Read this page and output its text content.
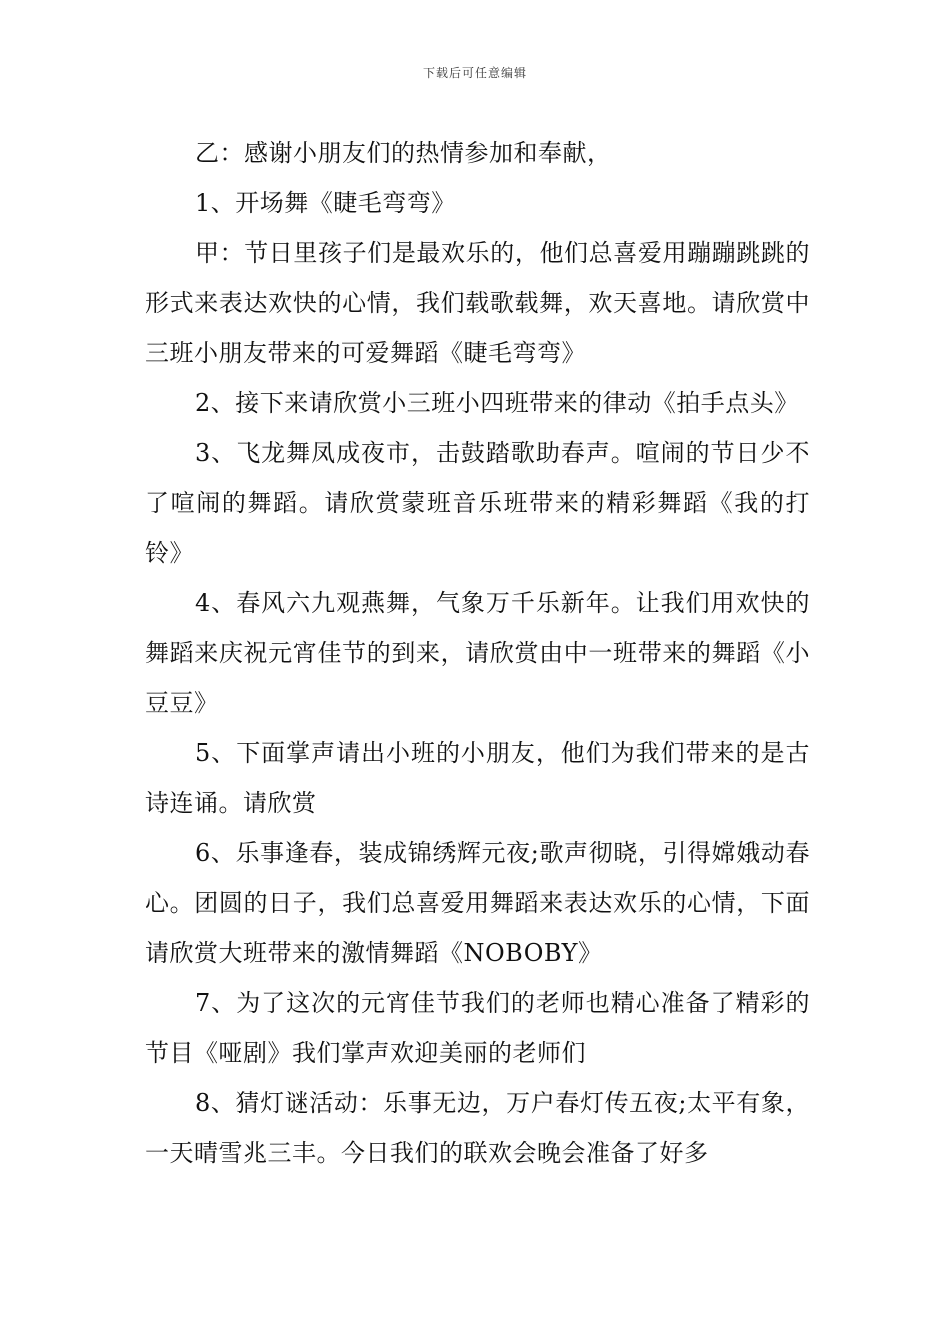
下载后可任意编辑

乙：感谢小朋友们的热情参加和奉献，

1、开场舞《睫毛弯弯》

甲：节日里孩子们是最欢乐的，他们总喜爱用蹦蹦跳跳的形式来表达欢快的心情，我们载歌载舞，欢天喜地。请欣赏中三班小朋友带来的可爱舞蹈《睫毛弯弯》

2、接下来请欣赏小三班小四班带来的律动《拍手点头》

3、飞龙舞凤成夜市，击鼓踏歌助春声。喧闹的节日少不了喧闹的舞蹈。请欣赏蒙班音乐班带来的精彩舞蹈《我的打铃》

4、春风六九观燕舞，气象万千乐新年。让我们用欢快的舞蹈来庆祝元宵佳节的到来，请欣赏由中一班带来的舞蹈《小豆豆》

5、下面掌声请出小班的小朋友，他们为我们带来的是古诗连诵。请欣赏

6、乐事逢春，装成锦绣辉元夜;歌声彻晓，引得嫦娥动春心。团圆的日子，我们总喜爱用舞蹈来表达欢乐的心情，下面请欣赏大班带来的激情舞蹈《NOBOBY》

7、为了这次的元宵佳节我们的老师也精心准备了精彩的节目《哑剧》我们掌声欢迎美丽的老师们

8、猜灯谜活动：乐事无边，万户春灯传五夜;太平有象，一天晴雪兆三丰。今日我们的联欢会晚会准备了好多
